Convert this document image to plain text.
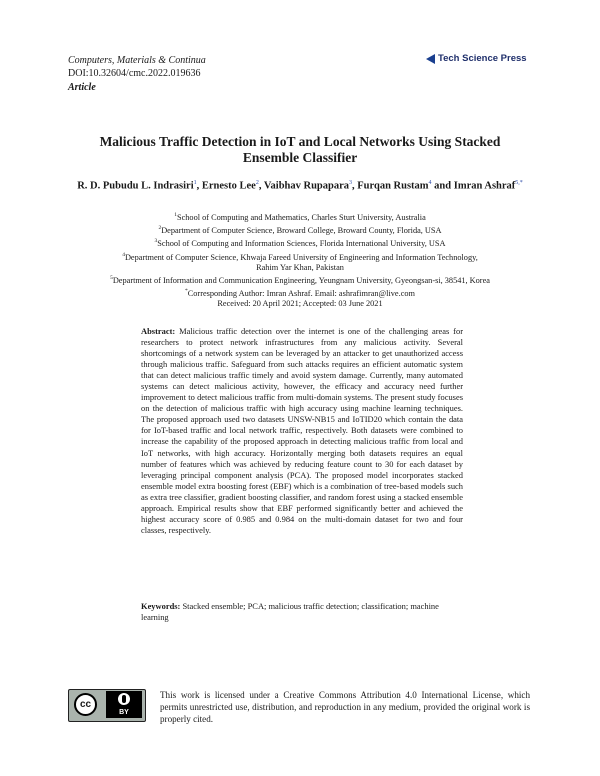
Computers, Materials & Continua
DOI:10.32604/cmc.2022.019636
Article
Tech Science Press
Malicious Traffic Detection in IoT and Local Networks Using Stacked
Ensemble Classifier
R. D. Pubudu L. Indrasiri$^1$, Ernesto Lee$^2$, Vaibhav Rupapara$^3$, Furqan Rustam$^4$ and Imran Ashraf$^{5,*}$
$^1$School of Computing and Mathematics, Charles Sturt University, Australia
$^2$Department of Computer Science, Broward College, Broward County, Florida, USA
$^3$School of Computing and Information Sciences, Florida International University, USA
$^4$Department of Computer Science, Khwaja Fareed University of Engineering and Information Technology,
Rahim Yar Khan, Pakistan
$^5$Department of Information and Communication Engineering, Yeungnam University, Gyeongsan-si, 38541, Korea
*Corresponding Author: Imran Ashraf. Email: ashrafimran@live.com
Received: 20 April 2021; Accepted: 03 June 2021
Abstract: Malicious traffic detection over the internet is one of the challenging areas for researchers to protect network infrastructures from any malicious activity. Several shortcomings of a network system can be leveraged by an attacker to get unauthorized access through malicious traffic. Safeguard from such attacks requires an efficient automatic system that can detect malicious traffic timely and avoid system damage. Currently, many automated systems can detect malicious activity, however, the efficacy and accuracy need further improvement to detect malicious traffic from multi-domain systems. The present study focuses on the detection of malicious traffic with high accuracy using machine learning techniques. The proposed approach used two datasets UNSW-NB15 and IoTID20 which contain the data for IoT-based traffic and local network traffic, respectively. Both datasets were combined to increase the capability of the proposed approach in detecting malicious traffic from local and IoT networks, with high accuracy. Horizontally merging both datasets requires an equal number of features which was achieved by reducing feature count to 30 for each dataset by leveraging principal component analysis (PCA). The proposed model incorporates stacked ensemble model extra boosting forest (EBF) which is a combination of tree-based models such as extra tree classifier, gradient boosting classifier, and random forest using a stacked ensemble approach. Empirical results show that EBF performed significantly better and achieved the highest accuracy score of 0.985 and 0.984 on the multi-domain dataset for two and four classes, respectively.
Keywords: Stacked ensemble; PCA; malicious traffic detection; classification; machine learning
cc
BY
This work is licensed under a Creative Commons Attribution 4.0 International License, which permits unrestricted use, distribution, and reproduction in any medium, provided the original work is properly cited.
